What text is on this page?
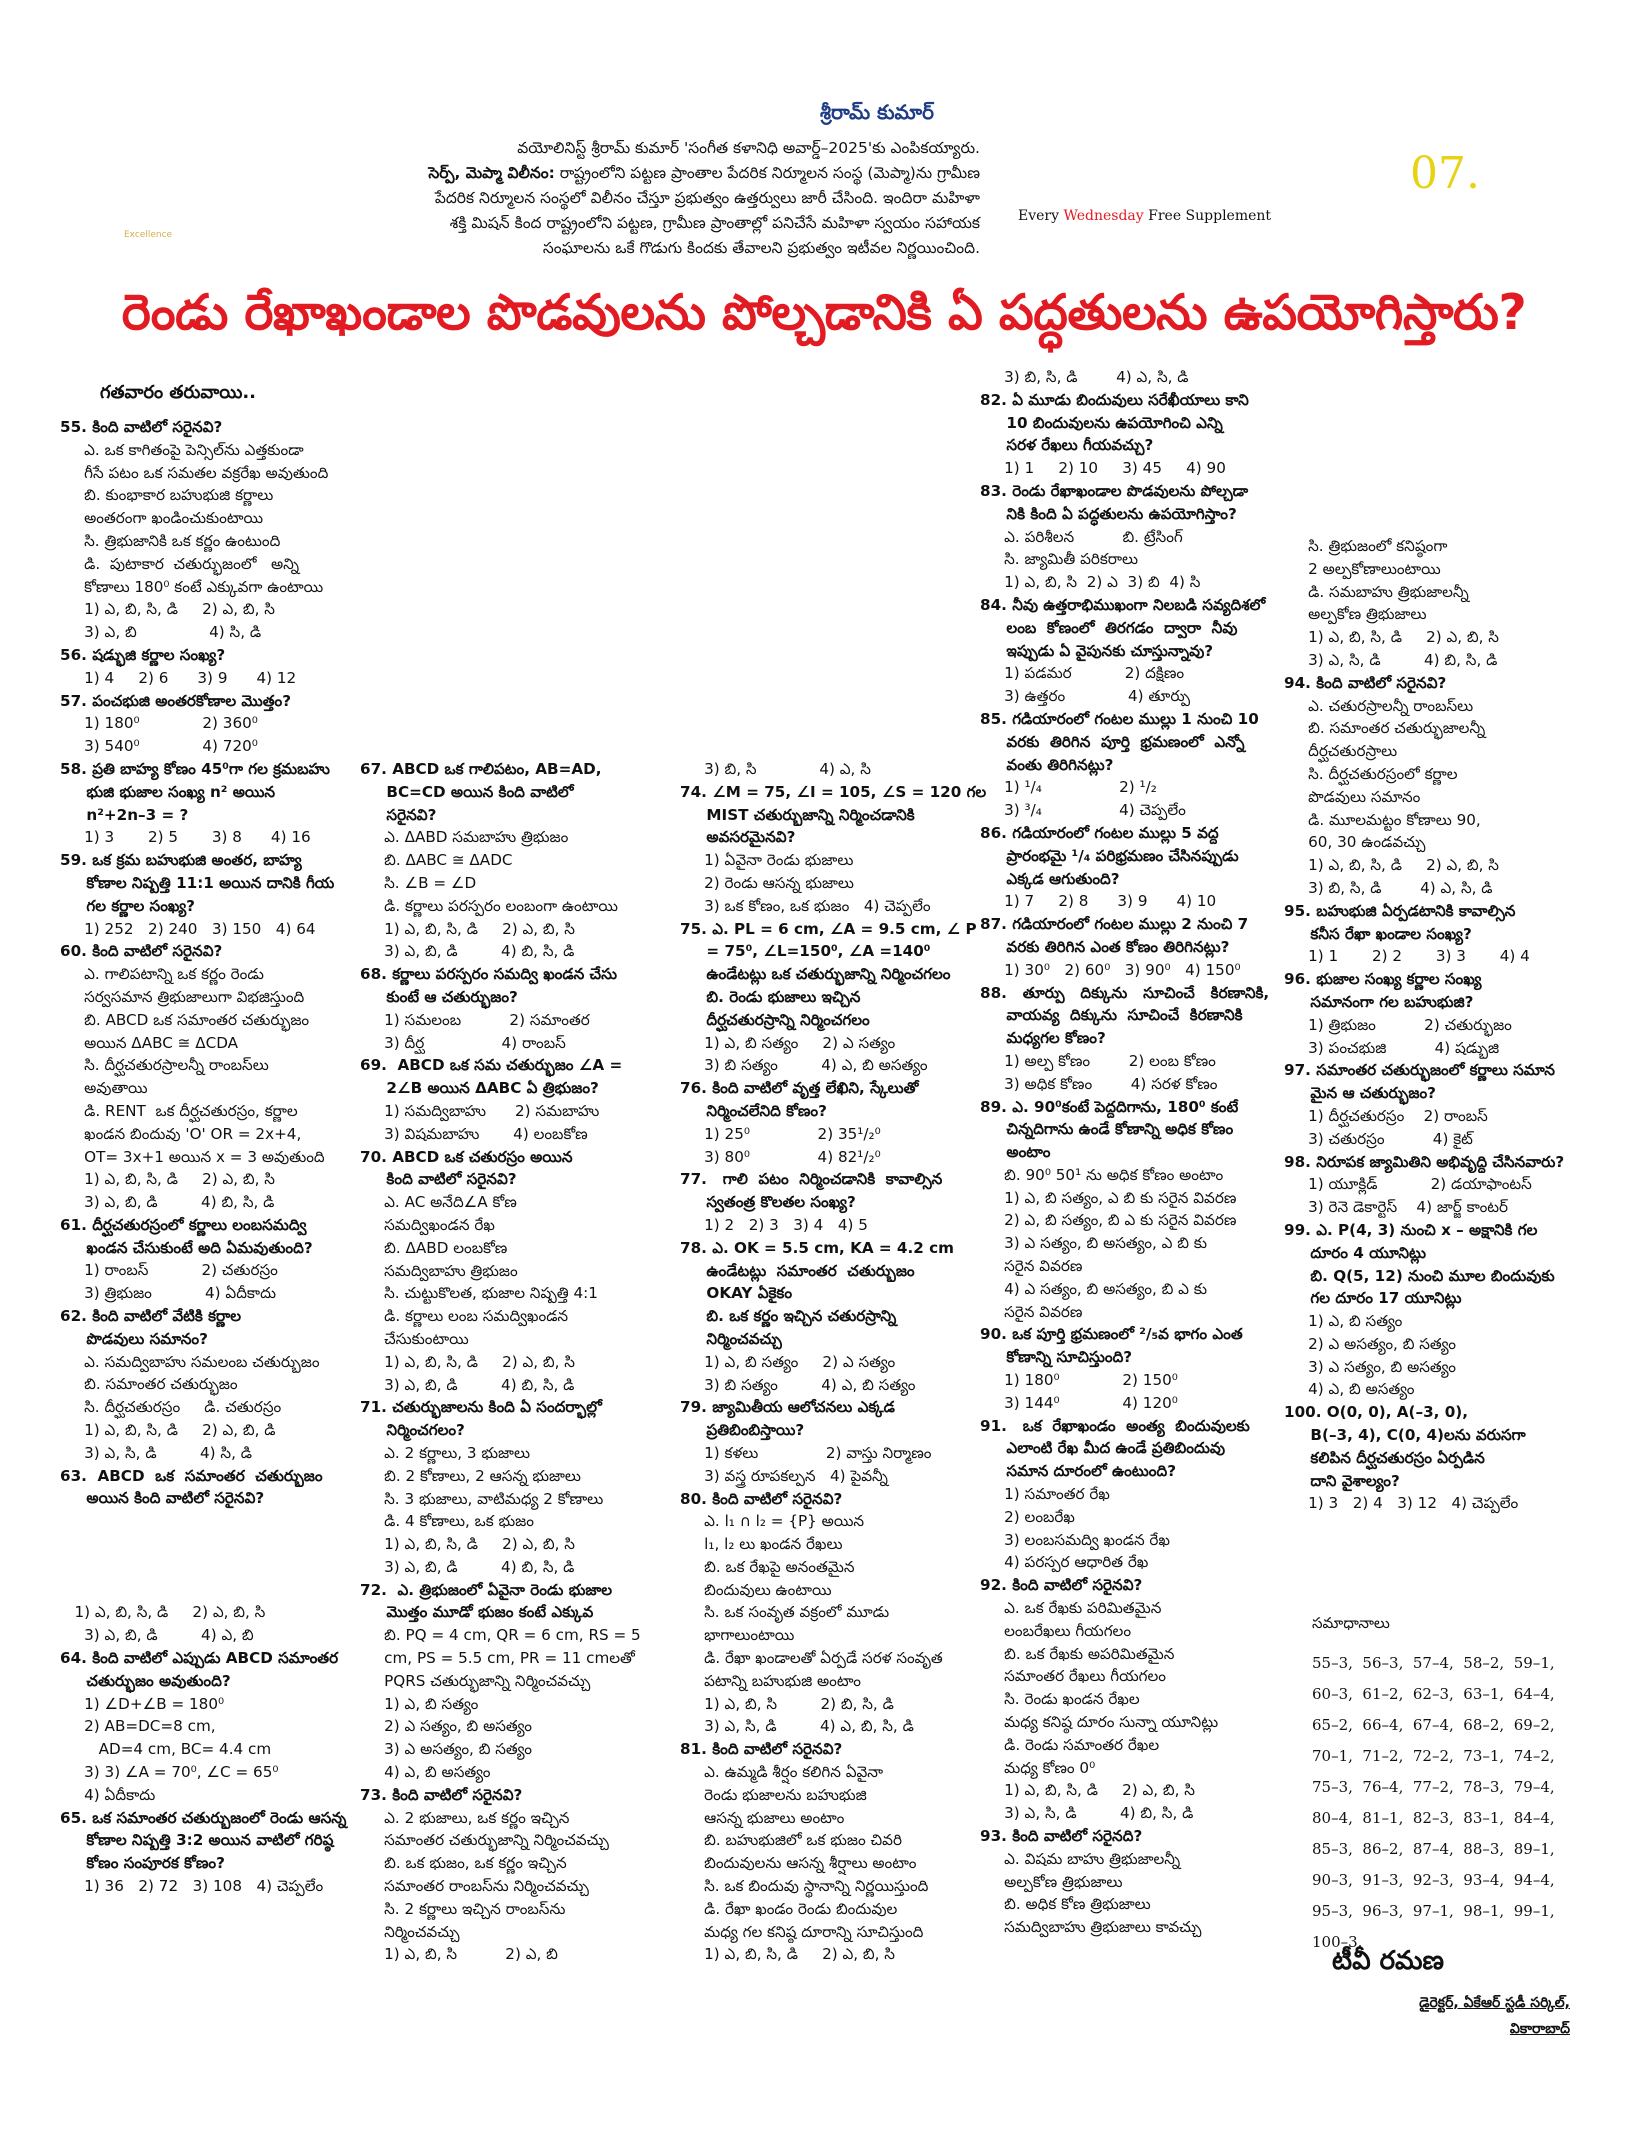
శ్రీరామ్ కుమార్
వయోలినిస్ట్ శ్రీరామ్ కుమార్ 'సంగీత కళానిధి అవార్డ్–2025'కు ఎంపికయ్యారు.
సెర్ప్, మెప్మా విలీనం: రాష్ట్రంలోని పట్టణ ప్రాంతాల పేదరిక నిర్మూలన సంస్థ (మెప్మా)ను గ్రామీణ
పేదరిక నిర్మూలన సంస్థలో విలీనం చేస్తూ ప్రభుత్వం ఉత్తర్వులు జారీ చేసింది. ఇందిరా మహిళా
శక్తి మిషన్ కింద రాష్ట్రంలోని పట్టణ, గ్రామీణ ప్రాంతాల్లో పనిచేసే మహిళా స్వయం సహాయక
సంఘాలను ఒకే గొడుగు కిందకు తేవాలని ప్రభుత్వం ఇటీవల నిర్ణయించింది.
07.
Every Wednesday Free Supplement
Excellence
రెండు రేఖాఖండాల పొడవులను పోల్చడానికి ఏ పద్ధతులను ఉపయోగిస్తారు?
గతవారం తరువాయి..
55. కింది వాటిలో సరైనవి?
ఎ. ఒక కాగితంపై పెన్సిల్‌ను ఎత్తకుండా
గీసే పటం ఒక సమతల వక్రరేఖ అవుతుంది
బి. కుంభాకార బహుభుజి కర్ణాలు
అంతరంగా ఖండించుకుంటాయి
సి. త్రిభుజానికి ఒక కర్ణం ఉంటుంది
డి.  పుటాకార  చతుర్భుజంలో   అన్ని
కోణాలు 180⁰ కంటే ఎక్కువగా ఉంటాయి
1) ఎ, బి, సి, డి     2) ఎ, బి, సి
3) ఎ, బి               4) సి, డి
56. షడ్భుజి కర్ణాల సంఖ్య?
1) 4     2) 6      3) 9      4) 12
57. పంచభుజి అంతరకోణాల మొత్తం?
1) 180⁰             2) 360⁰
3) 540⁰             4) 720⁰
58. ప్రతి బాహ్య కోణం 45⁰గా గల క్రమబహు
భుజి భుజాల సంఖ్య n² అయిన
n²+2n–3 = ?
1) 3       2) 5       3) 8      4) 16
59. ఒక క్రమ బహుభుజి అంతర, బాహ్య
కోణాల నిష్పత్తి 11:1 అయిన దానికి గీయ
గల కర్ణాల సంఖ్య?
1) 252   2) 240   3) 150   4) 64
60. కింది వాటిలో సరైనవి?
ఎ. గాలిపటాన్ని ఒక కర్ణం రెండు
సర్వసమాన త్రిభుజాలుగా విభజిస్తుంది
బి. ABCD ఒక సమాంతర చతుర్భుజం
అయిన ΔABC ≅ ΔCDA
సి. దీర్ఘచతురస్రాలన్నీ రాంబస్‌లు
అవుతాయి
డి. RENT  ఒక దీర్ఘచతురస్రం, కర్ణాల
ఖండన బిందువు 'O' OR = 2x+4,
OT= 3x+1 అయిన x = 3 అవుతుంది
1) ఎ, బి, సి, డి     2) ఎ, బి, సి
3) ఎ, బి, డి         4) బి, సి, డి
61. దీర్ఘచతురస్రంలో కర్ణాలు లంబసమద్వి
ఖండన చేసుకుంటే అది ఏమవుతుంది?
1) రాంబస్           2) చతురస్రం
3) త్రిభుజం           4) ఏదీకాదు
62. కింది వాటిలో వేటికి కర్ణాల
పొడవులు సమానం?
ఎ. సమద్విబాహు సమలంబ చతుర్భుజం
బి. సమాంతర చతుర్భుజం
సి. దీర్ఘచతురస్రం     డి. చతురస్రం
1) ఎ, బి, సి, డి     2) ఎ, బి, డి
3) ఎ, సి, డి         4) సి, డి
63.  ABCD  ఒక  సమాంతర  చతుర్భుజం
అయిన కింది వాటిలో సరైనవి?

1) ఎ, బి, సి, డి     2) ఎ, బి, సి
3) ఎ, బి, డి         4) ఎ, బి
64. కింది వాటిలో ఎప్పుడు ABCD సమాంతర
చతుర్భుజం అవుతుంది?
1) ∠D+∠B = 180⁰
2) AB=DC=8 cm,
AD=4 cm, BC= 4.4 cm
3) 3) ∠A = 70⁰, ∠C = 65⁰
4) ఏదీకాదు
65. ఒక సమాంతర చతుర్భుజంలో రెండు ఆసన్న
కోణాల నిష్పత్తి 3:2 అయిన వాటిలో గరిష్ఠ
కోణం సంపూరక కోణం?
1) 36   2) 72   3) 108   4) చెప్పలేం
67. ABCD ఒక గాలిపటం, AB=AD,
BC=CD అయిన కింది వాటిలో
సరైనవి?
ఎ. ΔABD సమబాహు త్రిభుజం
బి. ΔABC ≅ ΔADC
సి. ∠B = ∠D
డి. కర్ణాలు పరస్పరం లంబంగా ఉంటాయి
1) ఎ, బి, సి, డి     2) ఎ, బి, సి
3) ఎ, బి, డి         4) బి, సి, డి
68. కర్ణాలు పరస్పరం సమద్వి ఖండన చేసు
కుంటే ఆ చతుర్భుజం?
1) సమలంబ          2) సమాంతర
3) దీర్ఘ                4) రాంబస్
69.  ABCD ఒక సమ చతుర్భుజం ∠A =
2∠B అయిన ΔABC ఏ త్రిభుజం?
1) సమద్విబాహు      2) సమబాహు
3) విషమబాహు       4) లంబకోణ
70. ABCD ఒక చతురస్రం అయిన
కింది వాటిలో సరైనవి?
ఎ. AC అనేది∠A కోణ
సమద్విఖండన రేఖ
బి. ΔABD లంబకోణ
సమద్విబాహు త్రిభుజం
సి. చుట్టుకొలత, భుజాల నిష్పత్తి 4:1
డి. కర్ణాలు లంబ సమద్విఖండన
చేసుకుంటాయి
1) ఎ, బి, సి, డి     2) ఎ, బి, సి
3) ఎ, బి, డి         4) బి, సి, డి
71. చతుర్భుజాలను కింది ఏ సందర్భాల్లో
నిర్మించగలం?
ఎ. 2 కర్ణాలు, 3 భుజాలు
బి. 2 కోణాలు, 2 ఆసన్న భుజాలు
సి. 3 భుజాలు, వాటిమధ్య 2 కోణాలు
డి. 4 కోణాలు, ఒక భుజం
1) ఎ, బి, సి, డి     2) ఎ, బి, సి
3) ఎ, బి, డి         4) బి, సి, డి
72.  ఎ. త్రిభుజంలో ఏవైనా రెండు భుజాల
మొత్తం మూడో భుజం కంటే ఎక్కువ
బి. PQ = 4 cm, QR = 6 cm, RS = 5
cm, PS = 5.5 cm, PR = 11 cmలతో
PQRS చతుర్భుజాన్ని నిర్మించవచ్చు
1) ఎ, బి సత్యం
2) ఎ సత్యం, బి అసత్యం
3) ఎ అసత్యం, బి సత్యం
4) ఎ, బి అసత్యం
73. కింది వాటిలో సరైనవి?
ఎ. 2 భుజాలు, ఒక కర్ణం ఇచ్చిన
సమాంతర చతుర్భుజాన్ని నిర్మించవచ్చు
బి. ఒక భుజం, ఒక కర్ణం ఇచ్చిన
సమాంతర రాంబస్‌ను నిర్మించవచ్చు
సి. 2 కర్ణాలు ఇచ్చిన రాంబస్‌ను
నిర్మించవచ్చు
1) ఎ, బి, సి          2) ఎ, బి
3) బి, సి             4) ఎ, సి
74. ∠M = 75, ∠I = 105, ∠S = 120 గల
MIST చతుర్భుజాన్ని నిర్మించడానికి
అవసరమైనవి?
1) ఏవైనా రెండు భుజాలు
2) రెండు ఆసన్న భుజాలు
3) ఒక కోణం, ఒక భుజం   4) చెప్పలేం
75. ఎ. PL = 6 cm, ∠A = 9.5 cm, ∠ P
= 75⁰, ∠L=150⁰, ∠A =140⁰
ఉండేటట్లు ఒక చతుర్భుజాన్ని నిర్మించగలం
బి. రెండు భుజాలు ఇచ్చిన
దీర్ఘచతురస్రాన్ని నిర్మించగలం
1) ఎ, బి సత్యం     2) ఎ సత్యం
3) బి సత్యం         4) ఎ, బి అసత్యం
76. కింది వాటిలో వృత్త లేఖిని, స్కేలుతో
నిర్మించలేనిది కోణం?
1) 25⁰              2) 35¹/₂⁰
3) 80⁰              4) 82¹/₂⁰
77.   గాలి  పటం  నిర్మించడానికి  కావాల్సిన
స్వతంత్ర కొలతల సంఖ్య?
1) 2   2) 3   3) 4   4) 5
78. ఎ. OK = 5.5 cm, KA = 4.2 cm
ఉండేటట్లు  సమాంతర  చతుర్భుజం
OKAY ఏకైకం
బి. ఒక కర్ణం ఇచ్చిన చతురస్రాన్ని
నిర్మించవచ్చు
1) ఎ, బి సత్యం     2) ఎ సత్యం
3) బి సత్యం         4) ఎ, బి సత్యం
79. జ్యామితీయ ఆలోచనలు ఎక్కడ
ప్రతిబింబిస్తాయి?
1) కళలు              2) వాస్తు నిర్మాణం
3) వస్త్ర రూపకల్పన   4) పైవన్నీ
80. కింది వాటిలో సరైనవి?
ఎ. l₁ ∩ l₂ = {P} అయిన
l₁, l₂ లు ఖండన రేఖలు
బి. ఒక రేఖపై అనంతమైన
బిందువులు ఉంటాయి
సి. ఒక సంవృత వక్రంలో మూడు
భాగాలుంటాయి
డి. రేఖా ఖండాలతో ఏర్పడే సరళ సంవృత
పటాన్ని బహుభుజి అంటాం
1) ఎ, బి, సి         2) బి, సి, డి
3) ఎ, సి, డి         4) ఎ, బి, సి, డి
81. కింది వాటిలో సరైనవి?
ఎ. ఉమ్మడి శీర్షం కలిగిన ఏవైనా
రెండు భుజాలను బహుభుజి
ఆసన్న భుజాలు అంటాం
బి. బహుభుజిలో ఒక భుజం చివరి
బిందువులను ఆసన్న శీర్షాలు అంటాం
సి. ఒక బిందువు స్థానాన్ని నిర్ణయిస్తుంది
డి. రేఖా ఖండం రెండు బిందువుల
మధ్య గల కనిష్ఠ దూరాన్ని సూచిస్తుంది
1) ఎ, బి, సి, డి     2) ఎ, బి, సి
3) బి, సి, డి        4) ఎ, సి, డి
82. ఏ మూడు బిందువులు సరేఖీయాలు కాని
10 బిందువులను ఉపయోగించి ఎన్ని
సరళ రేఖలు గీయవచ్చు?
1) 1     2) 10     3) 45     4) 90
83. రెండు రేఖాఖండాల పొడవులను పోల్చడా
నికి కింది ఏ పద్ధతులను ఉపయోగిస్తాం?
ఎ. పరిశీలన          బి. ట్రేసింగ్
సి. జ్యామితీ పరికరాలు
1) ఎ, బి, సి  2) ఎ  3) బి  4) సి
84. నీవు ఉత్తరాభిముఖంగా నిలబడి సవ్యదిశలో
లంబ  కోణంలో  తిరగడం  ద్వారా  నీవు
ఇప్పుడు ఏ వైపునకు చూస్తున్నావు?
1) పడమర           2) దక్షిణం
3) ఉత్తరం             4) తూర్పు
85. గడియారంలో గంటల ముల్లు 1 నుంచి 10
వరకు  తిరిగిన  పూర్తి  భ్రమణంలో  ఎన్నో
వంతు తిరిగినట్లు?
1) ¹/₄                2) ¹/₂
3) ³/₄                4) చెప్పలేం
86. గడియారంలో గంటల ముల్లు 5 వద్ద
ప్రారంభమై ¹/₄ పరిభ్రమణం చేసినప్పుడు
ఎక్కడ ఆగుతుంది?
1) 7     2) 8      3) 9      4) 10
87. గడియారంలో గంటల ముల్లు 2 నుంచి 7
వరకు తిరిగిన ఎంత కోణం తిరిగినట్లు?
1) 30⁰   2) 60⁰   3) 90⁰   4) 150⁰
88.   తూర్పు   దిక్కును   సూచించే   కిరణానికి,
వాయవ్య  దిక్కును  సూచించే  కిరణానికి
మధ్యగల కోణం?
1) అల్ప కోణం        2) లంబ కోణం
3) అధిక కోణం        4) సరళ కోణం
89. ఎ. 90⁰కంటే పెద్దదిగాను, 180⁰ కంటే
చిన్నదిగాను ఉండే కోణాన్ని అధిక కోణం
అంటాం
బి. 90⁰ 50¹ ను అధిక కోణం అంటాం
1) ఎ, బి సత్యం, ఎ బి కు సరైన వివరణ
2) ఎ, బి సత్యం, బి ఎ కు సరైన వివరణ
3) ఎ సత్యం, బి అసత్యం, ఎ బి కు
సరైన వివరణ
4) ఎ సత్యం, బి అసత్యం, బి ఎ కు
సరైన వివరణ
90. ఒక పూర్తి భ్రమణంలో ²/₅వ భాగం ఎంత
కోణాన్ని సూచిస్తుంది?
1) 180⁰             2) 150⁰
3) 144⁰             4) 120⁰
91.   ఒక  రేఖాఖండం  అంత్య  బిందువులకు
ఎలాంటి రేఖ మీద ఉండే ప్రతిబిందువు
సమాన దూరంలో ఉంటుంది?
1) సమాంతర రేఖ
2) లంబరేఖ
3) లంబసమద్వి ఖండన రేఖ
4) పరస్పర ఆధారిత రేఖ
92. కింది వాటిలో సరైనవి?
ఎ. ఒక రేఖకు పరిమితమైన
లంబరేఖలు గీయగలం
బి. ఒక రేఖకు అపరిమితమైన
సమాంతర రేఖలు గీయగలం
సి. రెండు ఖండన రేఖల
మధ్య కనిష్ఠ దూరం సున్నా యూనిట్లు
డి. రెండు సమాంతర రేఖల
మధ్య కోణం 0⁰
1) ఎ, బి, సి, డి     2) ఎ, బి, సి
3) ఎ, సి, డి         4) బి, సి, డి
93. కింది వాటిలో సరైనది?
ఎ. విషమ బాహు త్రిభుజాలన్నీ
అల్పకోణ త్రిభుజాలు
బి. అధిక కోణ త్రిభుజాలు
సమద్విబాహు త్రిభుజాలు కావచ్చు
సి. త్రిభుజంలో కనిష్ఠంగా
2 అల్పకోణాలుంటాయి
డి. సమబాహు త్రిభుజాలన్నీ
అల్పకోణ త్రిభుజాలు
1) ఎ, బి, సి, డి     2) ఎ, బి, సి
3) ఎ, సి, డి         4) బి, సి, డి
94. కింది వాటిలో సరైనవి?
ఎ. చతురస్రాలన్నీ రాంబస్‌లు
బి. సమాంతర చతుర్భుజాలన్నీ
దీర్ఘచతురస్రాలు
సి. దీర్ఘచతురస్రంలో కర్ణాల
పొడవులు సమానం
డి. మూలమట్టం కోణాలు 90,
60, 30 ఉండవచ్చు
1) ఎ, బి, సి, డి     2) ఎ, బి, సి
3) బి, సి, డి        4) ఎ, సి, డి
95. బహుభుజి ఏర్పడటానికి కావాల్సిన
కనీస రేఖా ఖండాల సంఖ్య?
1) 1       2) 2       3) 3       4) 4
96. భుజాల సంఖ్య కర్ణాల సంఖ్య
సమానంగా గల బహుభుజి?
1) త్రిభుజం          2) చతుర్భుజం
3) పంచభుజి          4) షడ్భుజి
97. సమాంతర చతుర్భుజంలో కర్ణాలు సమాన
మైన ఆ చతుర్భుజం?
1) దీర్ఘచతురస్రం    2) రాంబస్
3) చతురస్రం          4) కైట్
98. నిరూపక జ్యామితిని అభివృద్ధి చేసినవారు?
1) యూక్లిడ్           2) డయాఫాంటస్
3) రెనె డెకార్టెస్    4) జార్జ్ కాంటర్
99. ఎ. P(4, 3) నుంచి x – అక్షానికి గల
దూరం 4 యూనిట్లు
బి. Q(5, 12) నుంచి మూల బిందువుకు
గల దూరం 17 యూనిట్లు
1) ఎ, బి సత్యం
2) ఎ అసత్యం, బి సత్యం
3) ఎ సత్యం, బి అసత్యం
4) ఎ, బి అసత్యం
100. O(0, 0), A(–3, 0),
B(–3, 4), C(0, 4)లను వరుసగా
కలిపిన దీర్ఘచతురస్రం ఏర్పడిన
దాని వైశాల్యం?
1) 3   2) 4   3) 12   4) చెప్పలేం
సమాధానాలు
55–3,  56–3,  57–4,  58–2,  59–1,
60–3,  61–2,  62–3,  63–1,  64–4,
65–2,  66–4,  67–4,  68–2,  69–2,
70–1,  71–2,  72–2,  73–1,  74–2,
75–3,  76–4,  77–2,  78–3,  79–4,
80–4,  81–1,  82–3,  83–1,  84–4,
85–3,  86–2,  87–4,  88–3,  89–1,
90–3,  91–3,  92–3,  93–4,  94–4,
95–3,  96–3,  97–1,  98–1,  99–1,
100–3.
టీవీ రమణ
డైరెక్టర్, ఏకేఆర్ స్టడీ సర్కిల్,
వికారాబాద్
